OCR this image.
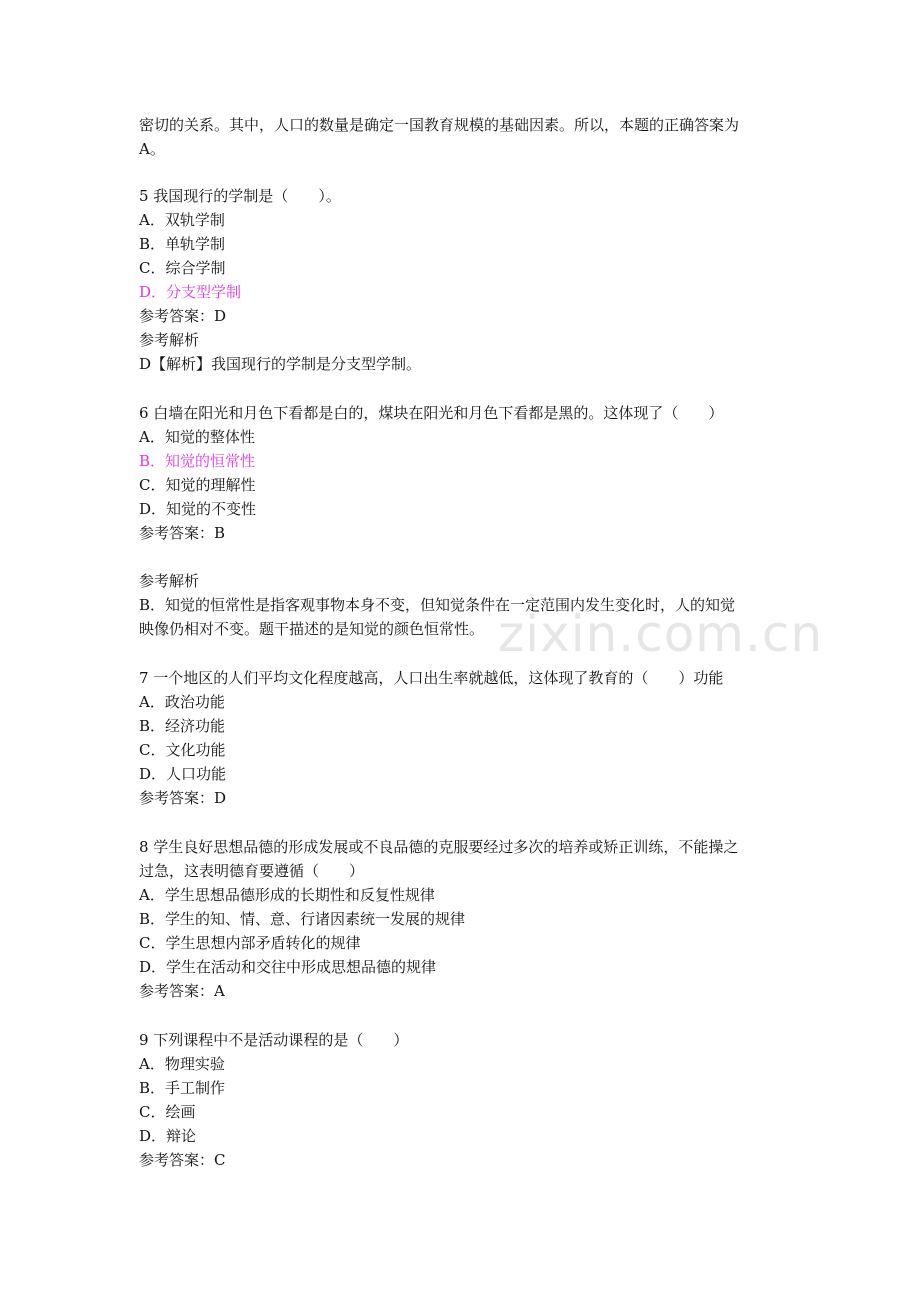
zixin.com.cn
密切的关系。其中，人口的数量是确定一国教育规模的基础因素。所以，本题的正确答案为
A。
5 我国现行的学制是（　　）。
A．双轨学制
B．单轨学制
C．综合学制
D．分支型学制
参考答案：D
参考解析
D【解析】我国现行的学制是分支型学制。
6 白墙在阳光和月色下看都是白的，煤块在阳光和月色下看都是黑的。这体现了（　　）
A．知觉的整体性
B．知觉的恒常性
C．知觉的理解性
D．知觉的不变性
参考答案：B
参考解析
B．知觉的恒常性是指客观事物本身不变，但知觉条件在一定范围内发生变化时，人的知觉
映像仍相对不变。题干描述的是知觉的颜色恒常性。
7 一个地区的人们平均文化程度越高，人口出生率就越低，这体现了教育的（　　）功能
A．政治功能
B．经济功能
C．文化功能
D．人口功能
参考答案：D
8 学生良好思想品德的形成发展或不良品德的克服要经过多次的培养或矫正训练，不能操之
过急，这表明德育要遵循（　　）
A．学生思想品德形成的长期性和反复性规律
B．学生的知、情、意、行诸因素统一发展的规律
C．学生思想内部矛盾转化的规律
D．学生在活动和交往中形成思想品德的规律
参考答案：A
9 下列课程中不是活动课程的是（　　）
A．物理实验
B．手工制作
C．绘画
D．辩论
参考答案：C
